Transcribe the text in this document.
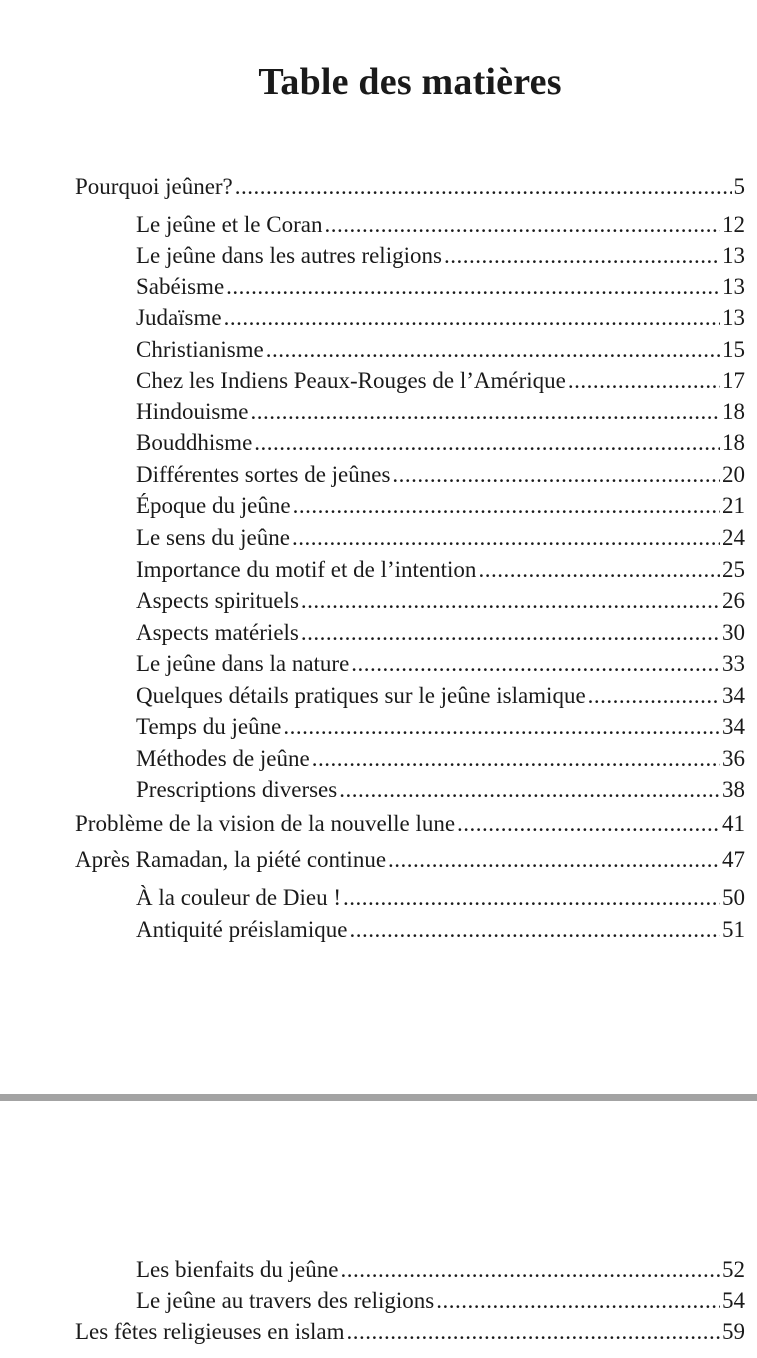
Table des matières
Pourquoi jeûner? .....	5
Le jeûne et le Coran .....	12
Le jeûne dans les autres religions .....	13
Sabéisme .....	13
Judaïsme .....	13
Christianisme .....	15
Chez les Indiens Peaux-Rouges de l’Amérique .....	17
Hindouisme .....	18
Bouddhisme .....	18
Différentes sortes de jeûnes .....	20
Époque du jeûne .....	21
Le sens du jeûne .....	24
Importance du motif et de l’intention .....	25
Aspects spirituels .....	26
Aspects matériels .....	30
Le jeûne dans la nature .....	33
Quelques détails pratiques sur le jeûne islamique .....	34
Temps du jeûne .....	34
Méthodes de jeûne .....	36
Prescriptions diverses .....	38
Problème de la vision de la nouvelle lune .....	41
Après Ramadan, la piété continue .....	47
À la couleur de Dieu ! .....	50
Antiquité préislamique .....	51
Les bienfaits du jeûne .....	52
Le jeûne au travers des religions .....	54
Les fêtes religieuses en islam .....	59
